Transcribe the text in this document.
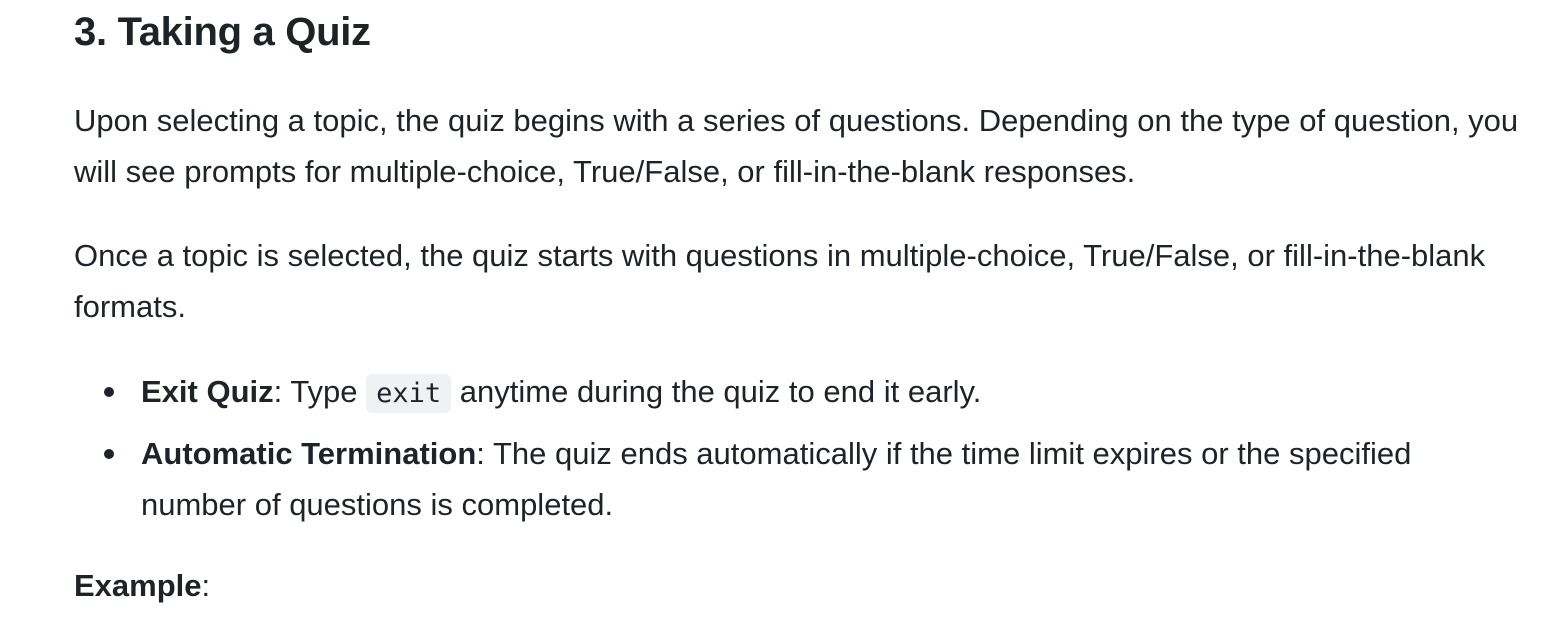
3. Taking a Quiz

Upon selecting a topic, the quiz begins with a series of questions. Depending on the type of question, you will see prompts for multiple-choice, True/False, or fill-in-the-blank responses.

Once a topic is selected, the quiz starts with questions in multiple-choice, True/False, or fill-in-the-blank formats.

Exit Quiz: Type exit anytime during the quiz to end it early.
Automatic Termination: The quiz ends automatically if the time limit expires or the specified number of questions is completed.

Example:
